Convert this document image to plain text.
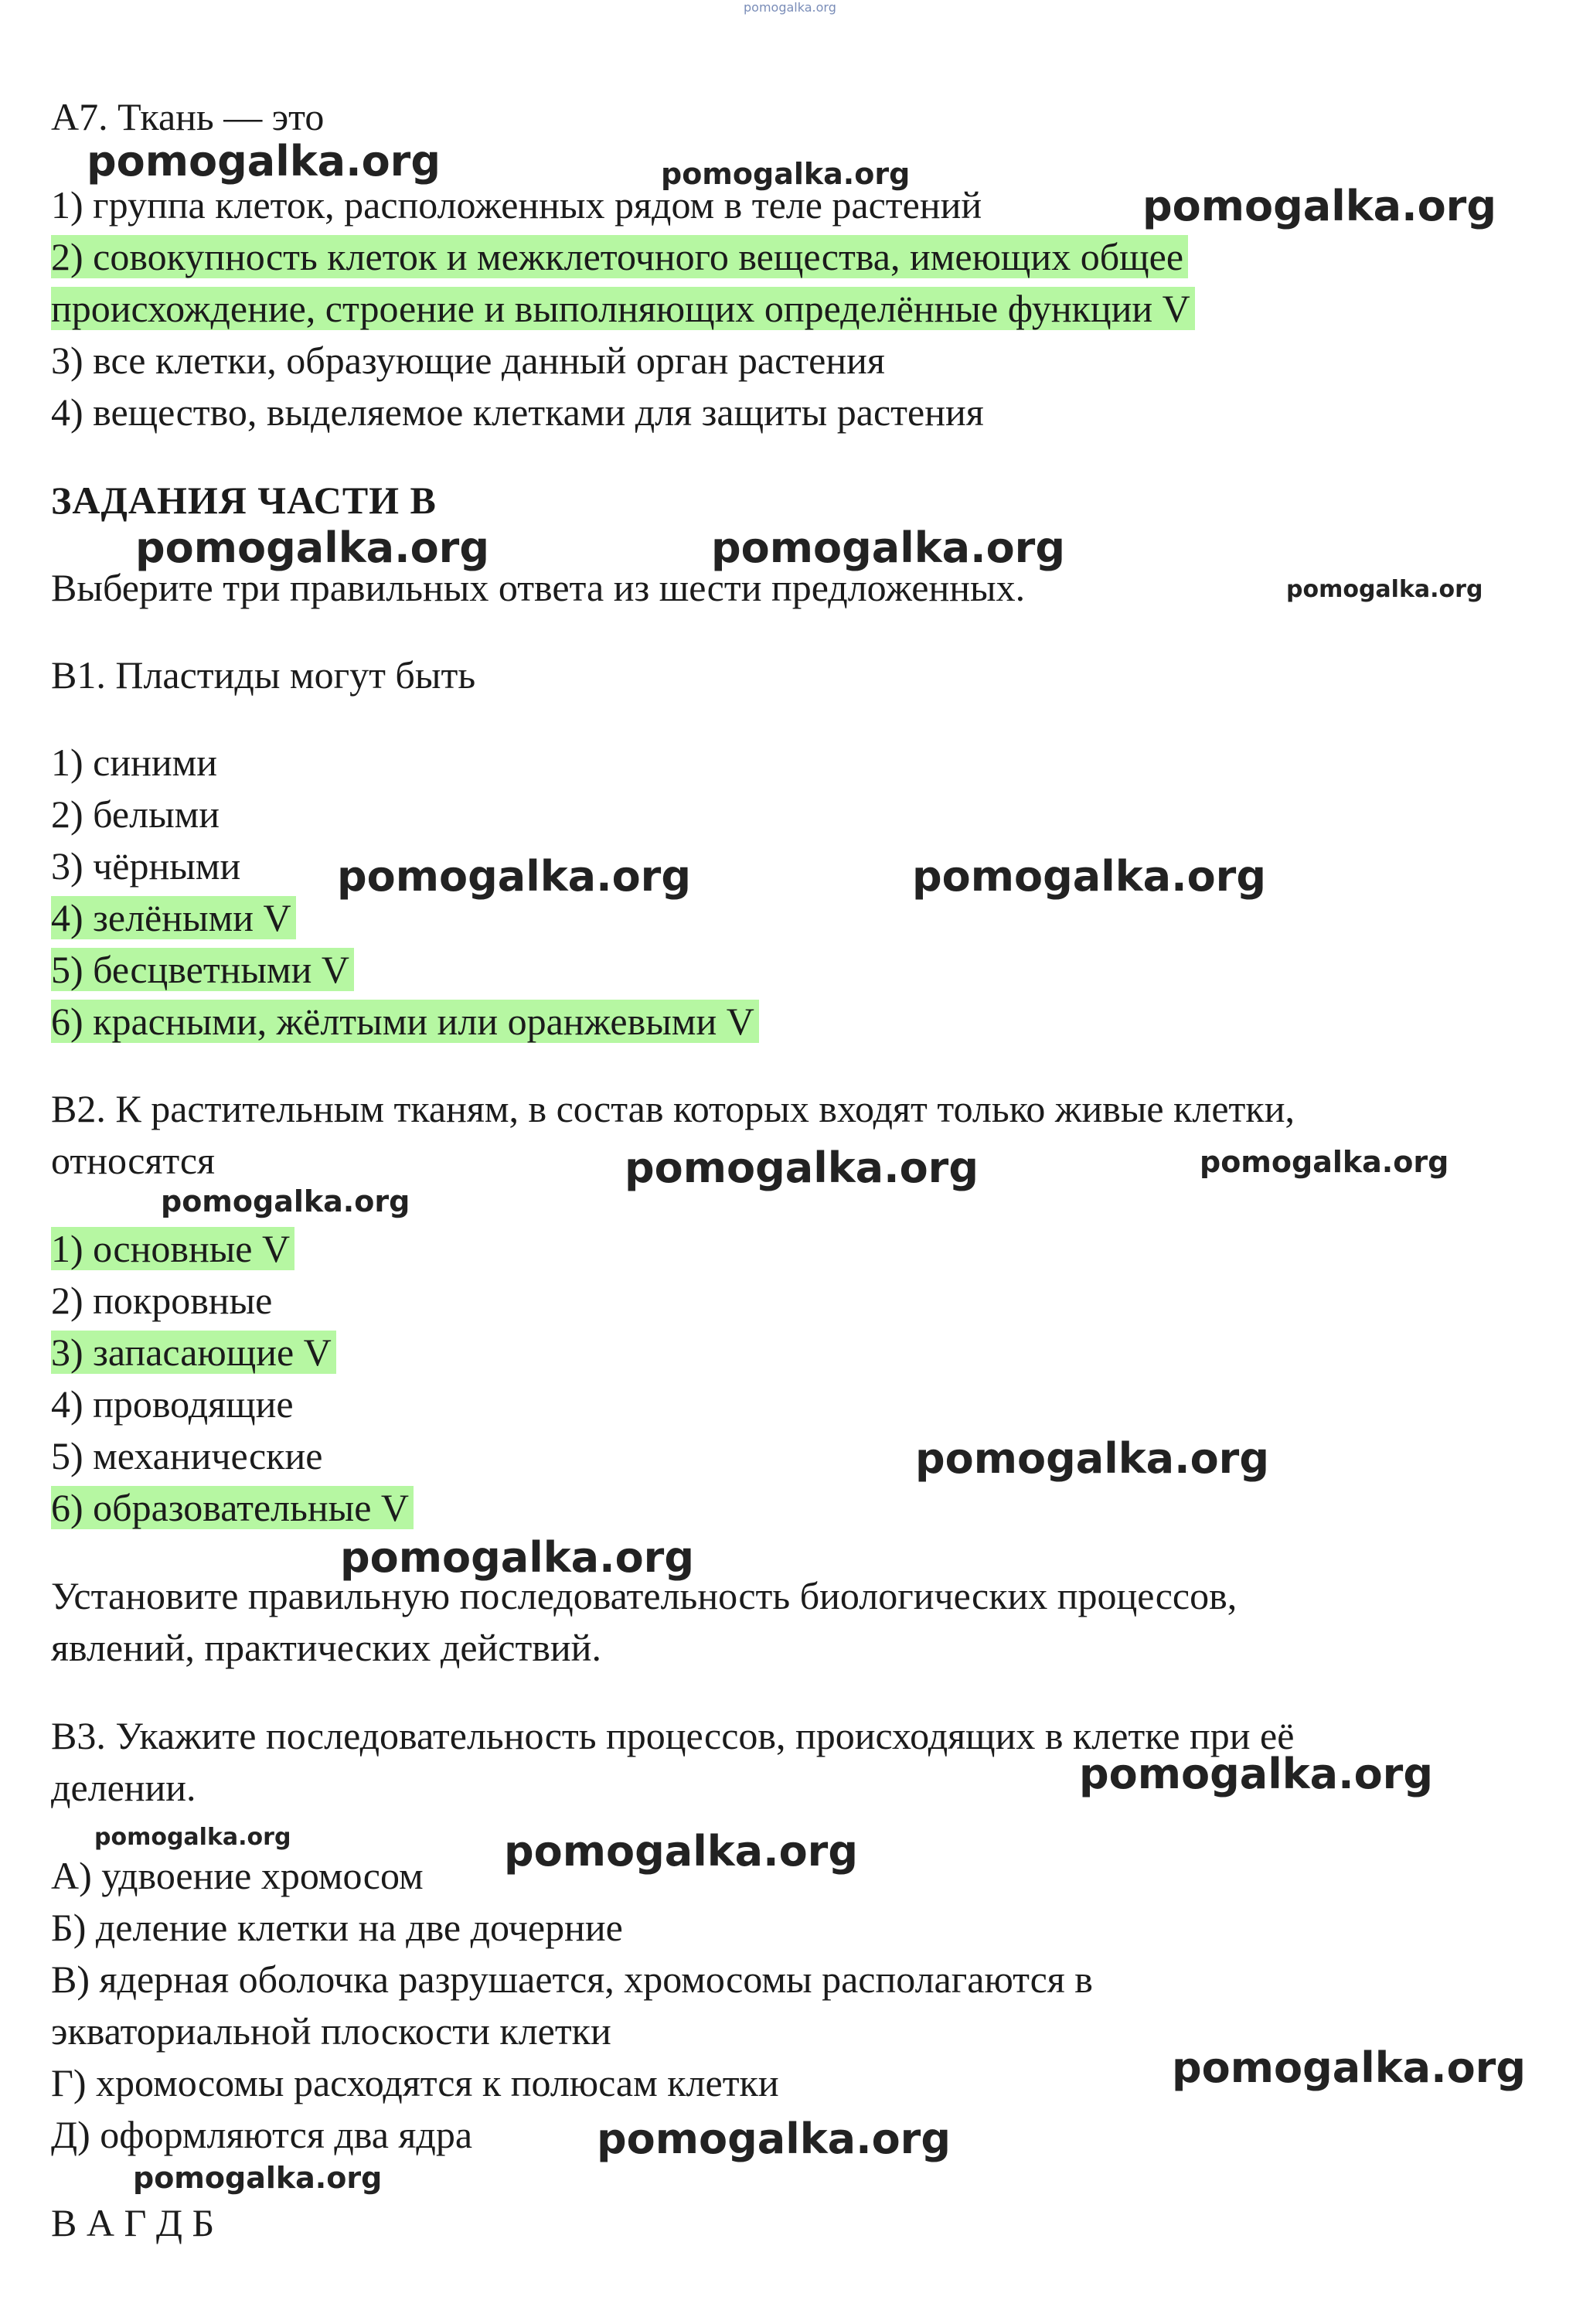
pomogalka.org
А7. Ткань — это
1) группа клеток, расположенных рядом в теле растений
2) совокупность клеток и межклеточного вещества, имеющих общее
происхождение, строение и выполняющих определённые функции V
3) все клетки, образующие данный орган растения
4) вещество, выделяемое клетками для защиты растения
ЗАДАНИЯ ЧАСТИ В
Выберите три правильных ответа из шести предложенных.
В1. Пластиды могут быть
1) синими
2) белыми
3) чёрными
4) зелёными V
5) бесцветными V
6) красными, жёлтыми или оранжевыми V
В2. К растительным тканям, в состав которых входят только живые клетки,
относятся
1) основные V
2) покровные
3) запасающие V
4) проводящие
5) механические
6) образовательные V
Установите правильную последовательность биологических процессов,
явлений, практических действий.
В3. Укажите последовательность процессов, происходящих в клетке при её
делении.
А) удвоение хромосом
Б) деление клетки на две дочерние
В) ядерная оболочка разрушается, хромосомы располагаются в
экваториальной плоскости клетки
Г) хромосомы расходятся к полюсам клетки
Д) оформляются два ядра
В А Г Д Б
pomogalka.org	pomogalka.org
pomogalka.org
pomogalka.org	pomogalka.org
pomogalka.org
pomogalka.org	pomogalka.org
pomogalka.org	pomogalka.org
pomogalka.org
pomogalka.org
pomogalka.org
pomogalka.org
pomogalka.org	pomogalka.org
pomogalka.org
pomogalka.org
pomogalka.org
